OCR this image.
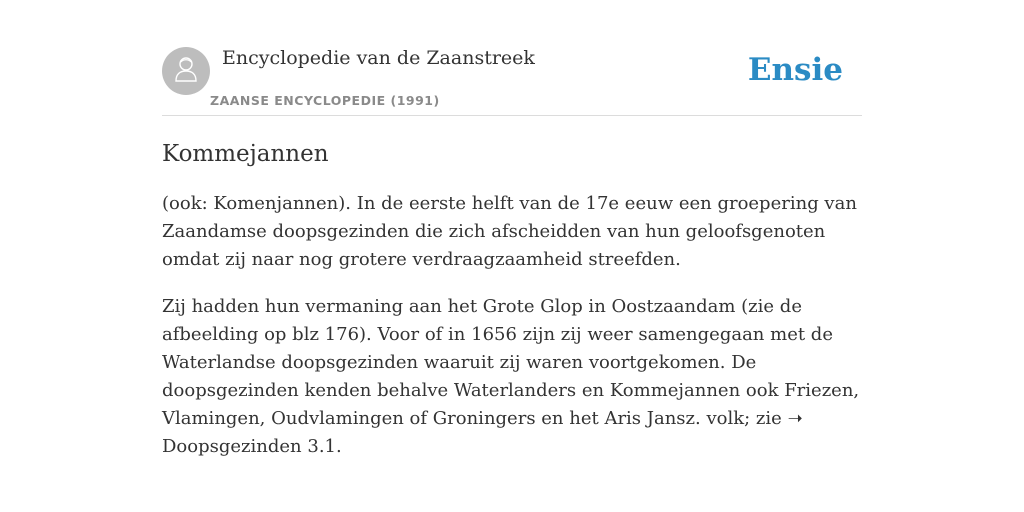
Encyclopedie van de Zaanstreek
ZAANSE ENCYCLOPEDIE (1991)
Ensie
Kommejannen

(ook: Komenjannen). In de eerste helft van de 17e eeuw een groepering van Zaandamse doopsgezinden die zich afscheidden van hun geloofsgenoten omdat zij naar nog grotere verdraagzaamheid streefden.

Zij hadden hun vermaning aan het Grote Glop in Oostzaandam (zie de afbeelding op blz 176). Voor of in 1656 zijn zij weer samengegaan met de Waterlandse doopsgezinden waaruit zij waren voortgekomen. De doopsgezinden kenden behalve Waterlanders en Kommejannen ook Friezen, Vlamingen, Oudvlamingen of Groningers en het Aris Jansz. volk; zie ➝ Doopsgezinden 3.1.
